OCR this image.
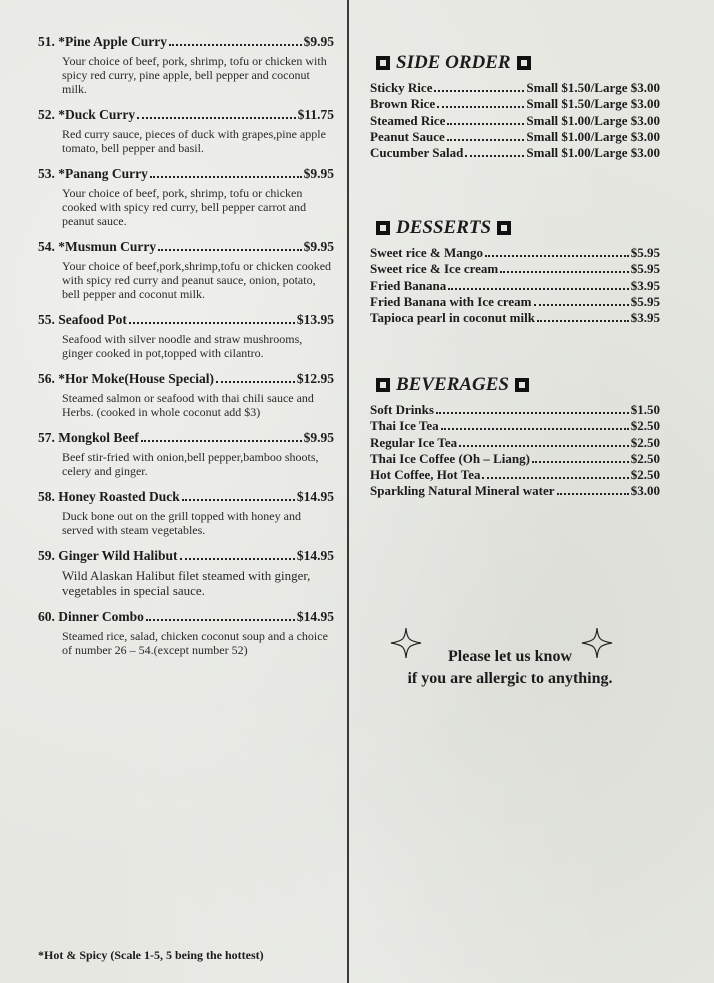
51. *Pine Apple Curry	$9.95
Your choice of beef, pork, shrimp, tofu or chicken with spicy red curry, pine apple, bell pepper and coconut milk.
52. *Duck Curry	$11.75
Red curry sauce, pieces of duck with grapes,pine apple tomato, bell pepper and basil.
53. *Panang Curry	$9.95
Your choice of beef, pork, shrimp, tofu or chicken cooked with spicy red curry, bell pepper carrot and peanut sauce.
54. *Musmun Curry	$9.95
Your choice of beef,pork,shrimp,tofu or chicken cooked with spicy red curry and peanut sauce, onion, potato, bell pepper and coconut milk.
55. Seafood Pot	$13.95
Seafood with silver noodle and straw mushrooms, ginger cooked in pot,topped with cilantro.
56. *Hor Moke(House Special)	$12.95
Steamed salmon or seafood with thai chili sauce and Herbs. (cooked in whole coconut add $3)
57. Mongkol Beef	$9.95
Beef stir-fried with onion,bell pepper,bamboo shoots, celery and ginger.
58. Honey Roasted Duck	$14.95
Duck bone out on the grill topped with honey and served with steam vegetables.
59. Ginger Wild Halibut	$14.95
Wild Alaskan Halibut filet steamed with ginger, vegetables in special sauce.
60. Dinner Combo	$14.95
Steamed rice, salad, chicken coconut soup and a choice of number 26 – 54.(except number 52)
*Hot & Spicy (Scale 1-5, 5 being the hottest)
SIDE ORDER
Sticky Rice	Small $1.50/Large $3.00
Brown Rice	Small $1.50/Large $3.00
Steamed Rice	Small $1.00/Large $3.00
Peanut Sauce	Small $1.00/Large $3.00
Cucumber Salad	Small $1.00/Large $3.00
DESSERTS
Sweet rice & Mango	$5.95
Sweet rice & Ice cream	$5.95
Fried Banana	$3.95
Fried Banana with Ice cream	$5.95
Tapioca pearl in coconut milk	$3.95
BEVERAGES
Soft Drinks	$1.50
Thai Ice Tea	$2.50
Regular Ice Tea	$2.50
Thai Ice Coffee (Oh – Liang)	$2.50
Hot Coffee, Hot Tea	$2.50
Sparkling Natural Mineral water	$3.00
Please let us know
if you are allergic to anything.
